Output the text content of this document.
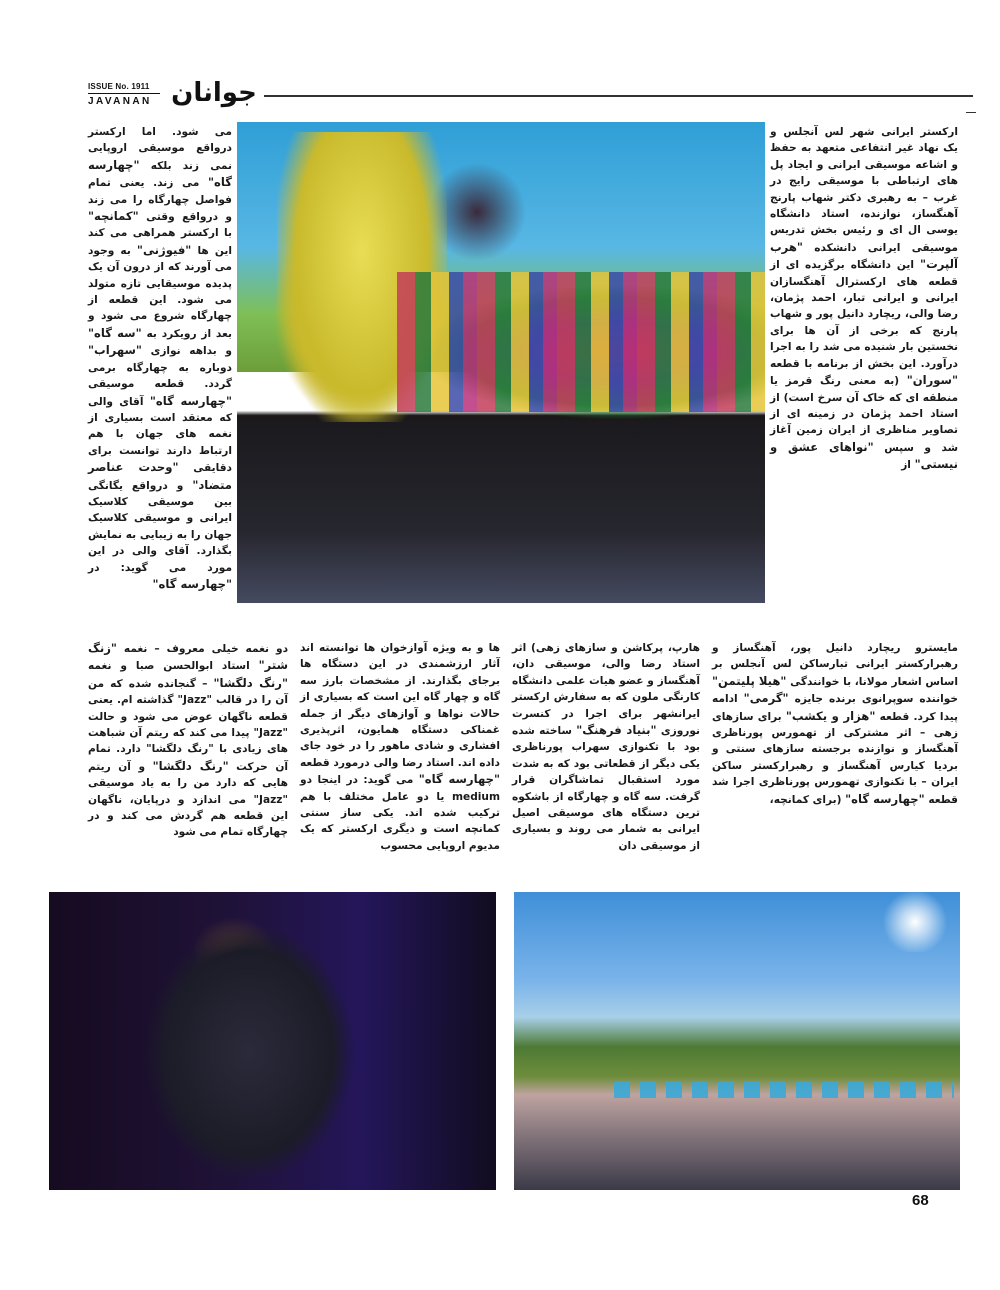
ISSUE No. 1911
JAVANAN جوانان

ارکستر ایرانی شهر لس آنجلس و یک نهاد غیر انتفاعی متعهد به حفظ و اشاعه موسیقی ایرانی و ایجاد پل های ارتباطی با موسیقی رایج در غرب – به رهبری دکتر شهاب پارنج آهنگساز، نوازنده، استاد دانشگاه یوسی ال ای و رئیس بخش تدریس موسیقی ایرانی دانشکده "هرب آلپرت" این دانشگاه برگزیده ای از قطعه های ارکسترال آهنگسازان ایرانی و ایرانی تبار، احمد پژمان، رضا والی، ریچارد دانیل پور و شهاب پارنج که برخی از آن ها برای نخستین بار شنیده می شد را به اجرا درآورد. این بخش از برنامه با قطعه "سوران" (به معنی رنگ قرمز یا منطقه ای که خاک آن سرخ است) از استاد احمد پژمان در زمینه ای از تصاویر مناظری از ایران زمین آغاز شد و سپس "نواهای عشق و نیستی" از

می شود. اما ارکستر درواقع موسیقی اروپایی نمی زند بلکه "چهارسه گاه" می زند. یعنی تمام فواصل چهارگاه را می زند و درواقع وقتی "کمانچه" با ارکستر همراهی می کند این ها "فیوژنی" به وجود می آورند که از درون آن یک پدیده موسیقایی تازه متولد می شود. این قطعه از چهارگاه شروع می شود و بعد از رویکرد به "سه گاه" و بداهه نوازی "سهراب" دوباره به چهارگاه برمی گردد. قطعه موسیقی "چهارسه گاه" آقای والی که معتقد است بسیاری از نغمه های جهان با هم ارتباط دارند توانست برای دقایقی "وحدت عناصر متضاد" و درواقع یگانگی بین موسیقی کلاسیک ایرانی و موسیقی کلاسیک جهان را به زیبایی به نمایش بگذارد. آقای والی در این مورد می گوید: در "چهارسه گاه"

مایسترو ریچارد دانیل پور، آهنگساز و رهبرارکستر ایرانی تبارساکن لس آنجلس بر اساس اشعار مولانا، با خوانندگی "هیلا پلیتمن" خواننده سوپرانوی برنده جایزه "گرمی" ادامه پیدا کرد. قطعه "هزار و یکشب" برای سازهای زهی – اثر مشترکی از تهمورس پورناظری آهنگساز و نوازنده برجسته سازهای سنتی و بردیا کیارس آهنگساز و رهبرارکستر ساکن ایران – با تکنوازی تهمورس پورناظری اجرا شد قطعه "چهارسه گاه" (برای کمانچه،

هارپ، پرکاشن و سازهای زهی) اثر استاد رضا والی، موسیقی دان، آهنگساز و عضو هیات علمی دانشگاه کارنگی ملون که به سفارش ارکستر ایرانشهر برای اجرا در کنسرت نوروزی "بنیاد فرهنگ" ساخته شده بود با تکنوازی سهراب پورناظری یکی دیگر از قطعاتی بود که به شدت مورد استقبال تماشاگران قرار گرفت. سه گاه و چهارگاه از باشکوه ترین دستگاه های موسیقی اصیل ایرانی به شمار می روند و بسیاری از موسیقی دان

ها و به ویژه آوازخوان ها توانسته اند آثار ارزشمندی در این دستگاه ها برجای بگذارند. از مشخصات بارز سه گاه و چهار گاه این است که بسیاری از حالات نواها و آوازهای دیگر از جمله غمناکی دستگاه همایون، اثرپذیری افشاری و شادی ماهور را در خود جای داده اند. استاد رضا والی درمورد قطعه "چهارسه گاه" می گوید: در اینجا دو medium یا دو عامل مختلف با هم ترکیب شده اند. یکی ساز سنتی کمانچه است و دیگری ارکستر که یک مدیوم اروپایی محسوب

دو نغمه خیلی معروف – نغمه "زنگ شتر" استاد ابوالحسن صبا و نغمه "رنگ دلگشا" – گنجانده شده که من آن را در قالب "Jazz" گذاشته ام. یعنی قطعه ناگهان عوض می شود و حالت "Jazz" پیدا می کند که ریتم آن شباهت های زیادی با "رنگ دلگشا" دارد. تمام آن حرکت "رنگ دلگشا" و آن ریتم هایی که دارد من را به یاد موسیقی "Jazz" می اندازد و درپایان، ناگهان این قطعه هم گردش می کند و در چهارگاه تمام می شود

68
